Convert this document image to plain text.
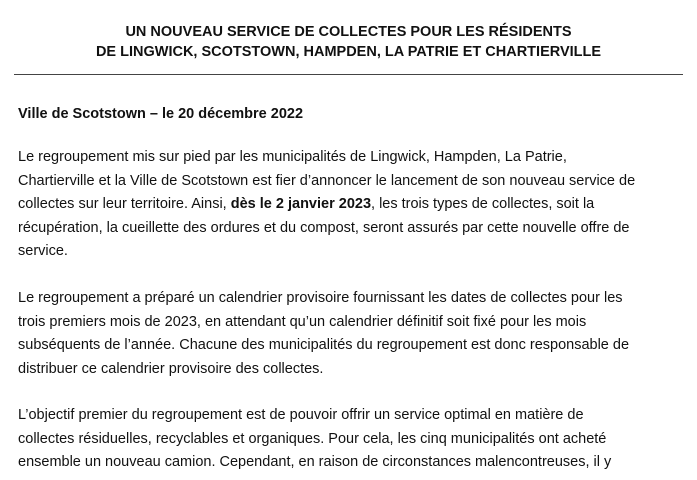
UN NOUVEAU SERVICE DE COLLECTES POUR LES RÉSIDENTS
DE LINGWICK, SCOTSTOWN, HAMPDEN, LA PATRIE ET CHARTIERVILLE
Ville de Scotstown – le 20 décembre 2022
Le regroupement mis sur pied par les municipalités de Lingwick, Hampden, La Patrie,
Chartierville et la Ville de Scotstown est fier d’annoncer le lancement de son nouveau service de
collectes sur leur territoire. Ainsi, dès le 2 janvier 2023, les trois types de collectes, soit la
récupération, la cueillette des ordures et du compost, seront assurés par cette nouvelle offre de
service.
Le regroupement a préparé un calendrier provisoire fournissant les dates de collectes pour les
trois premiers mois de 2023, en attendant qu’un calendrier définitif soit fixé pour les mois
subséquents de l’année. Chacune des municipalités du regroupement est donc responsable de
distribuer ce calendrier provisoire des collectes.
L’objectif premier du regroupement est de pouvoir offrir un service optimal en matière de
collectes résiduelles, recyclables et organiques. Pour cela, les cinq municipalités ont acheté
ensemble un nouveau camion. Cependant, en raison de circonstances malencontreuses, il y
